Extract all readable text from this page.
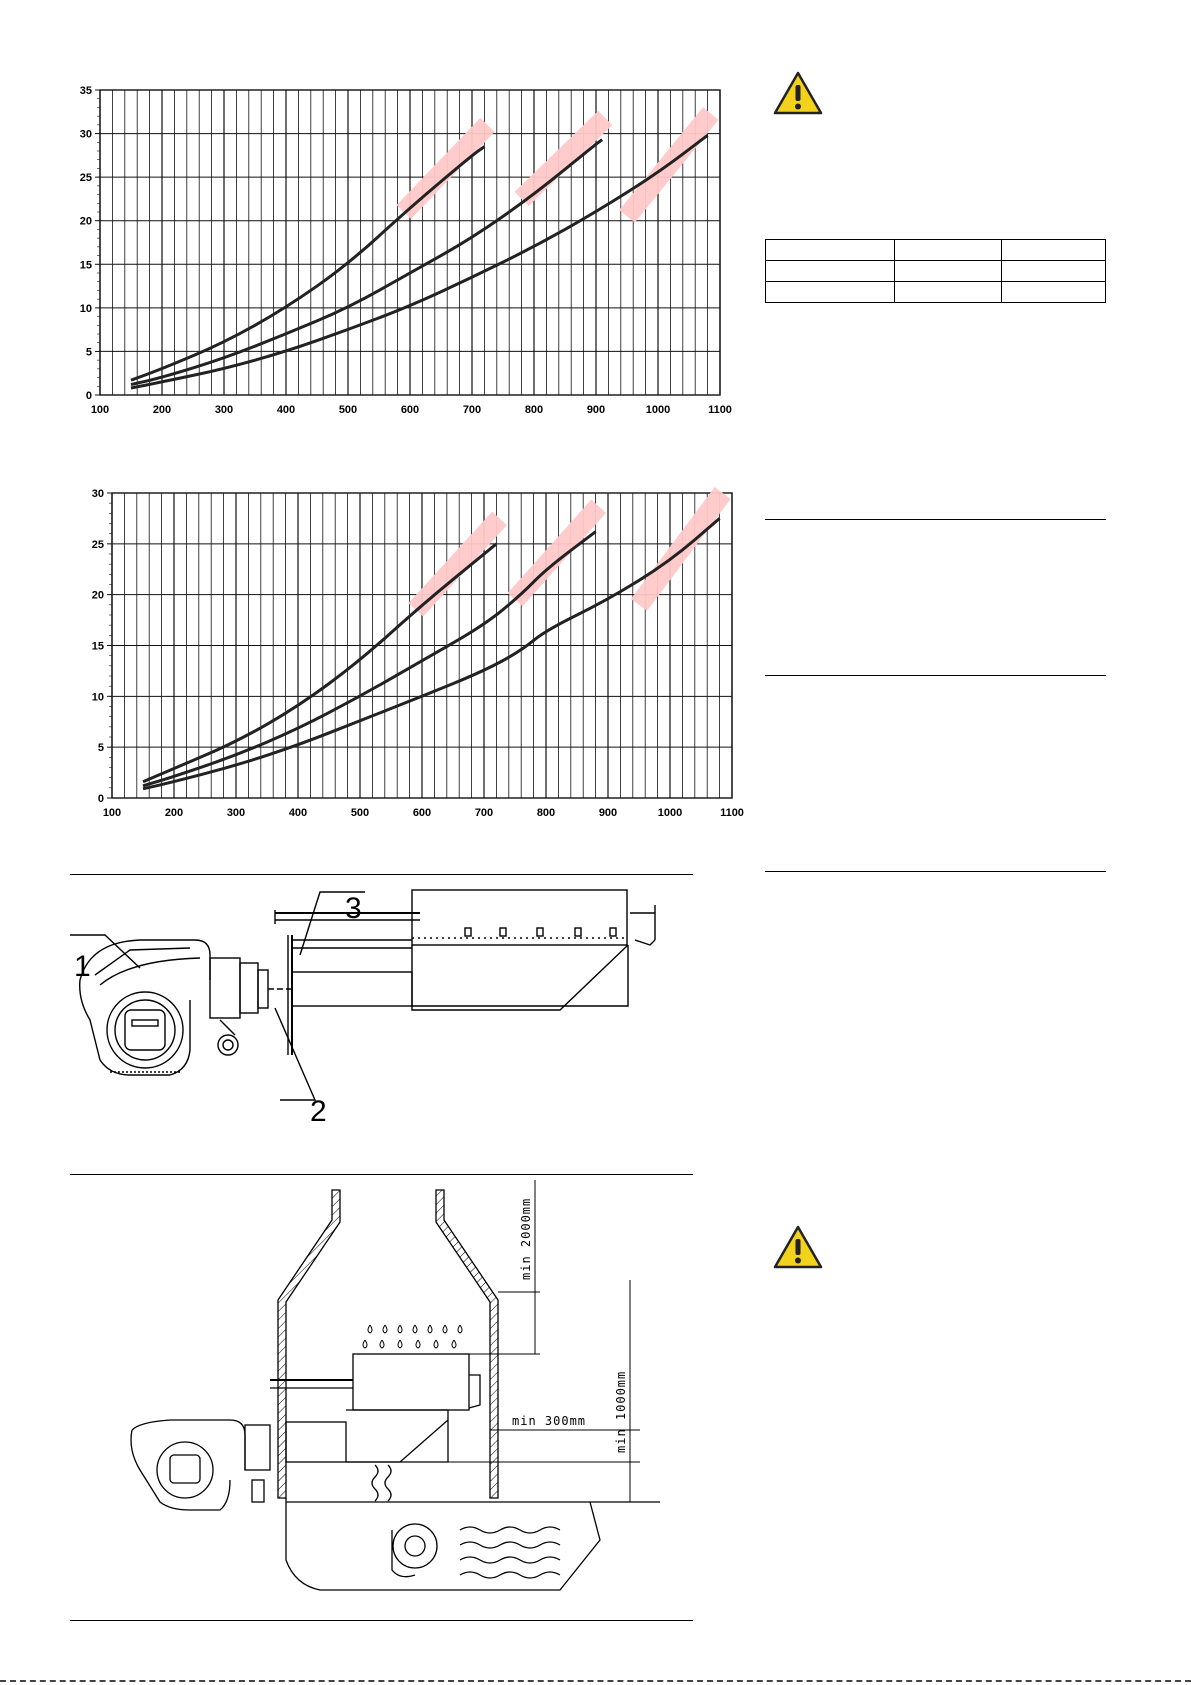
0
5
10
15
20
25
30
35
100	200	300	400	500	600	700	800	900	1000	1100
0
5
10
15
20
25
30
100	200	300	400	500	600	700	800	900	1000	1100

1
2
3
min 2000mm
min 300mm min 1000mm
